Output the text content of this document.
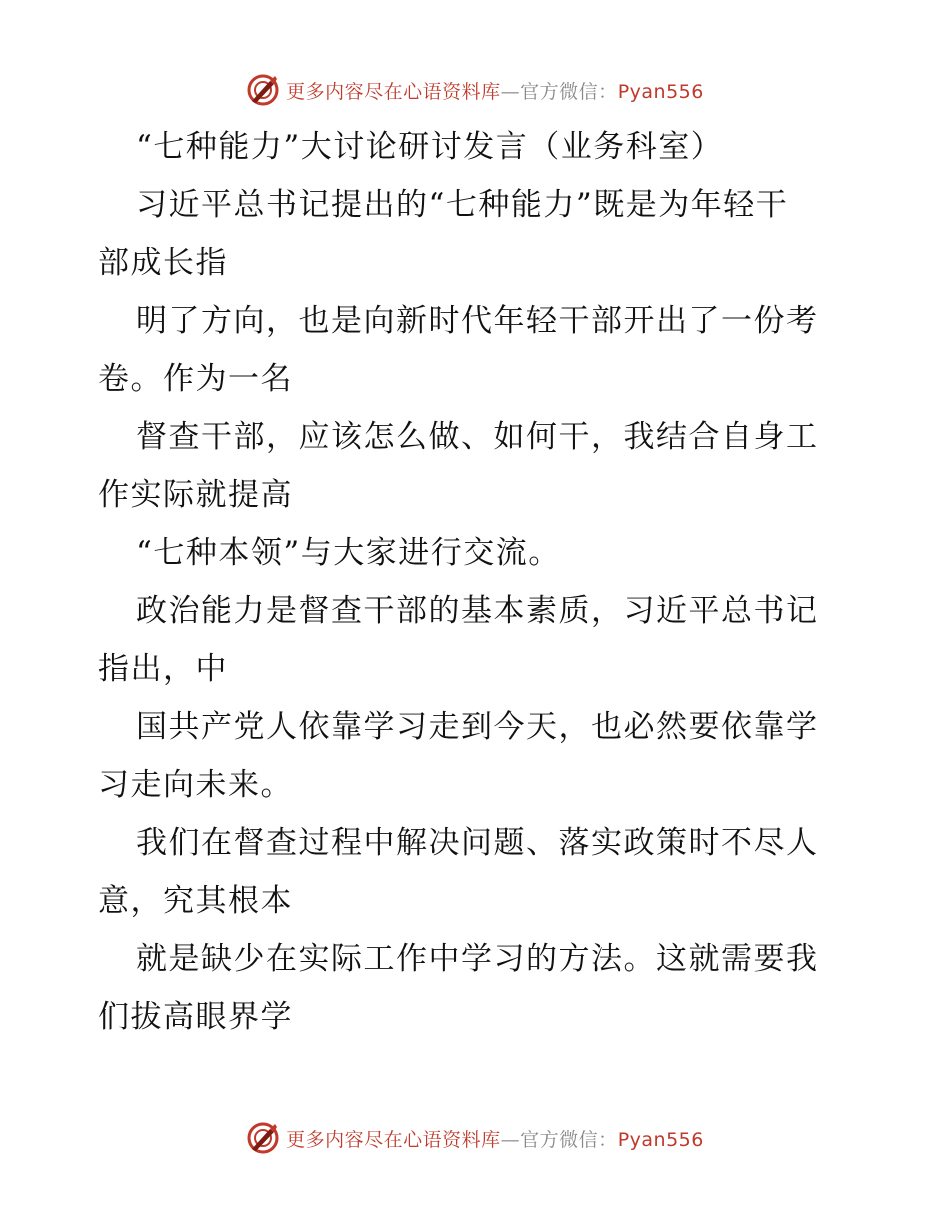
更多内容尽在心语资料库—官方微信：Pyan556
“七种能力”大讨论研讨发言（业务科室）
习近平总书记提出的“七种能力”既是为年轻干
部成长指
明了方向，也是向新时代年轻干部开出了一份考
卷。作为一名
督查干部，应该怎么做、如何干，我结合自身工
作实际就提高
“七种本领”与大家进行交流。
政治能力是督查干部的基本素质，习近平总书记
指出，中
国共产党人依靠学习走到今天，也必然要依靠学
习走向未来。
我们在督查过程中解决问题、落实政策时不尽人
意，究其根本
就是缺少在实际工作中学习的方法。这就需要我
们拔高眼界学
更多内容尽在心语资料库—官方微信：Pyan556
